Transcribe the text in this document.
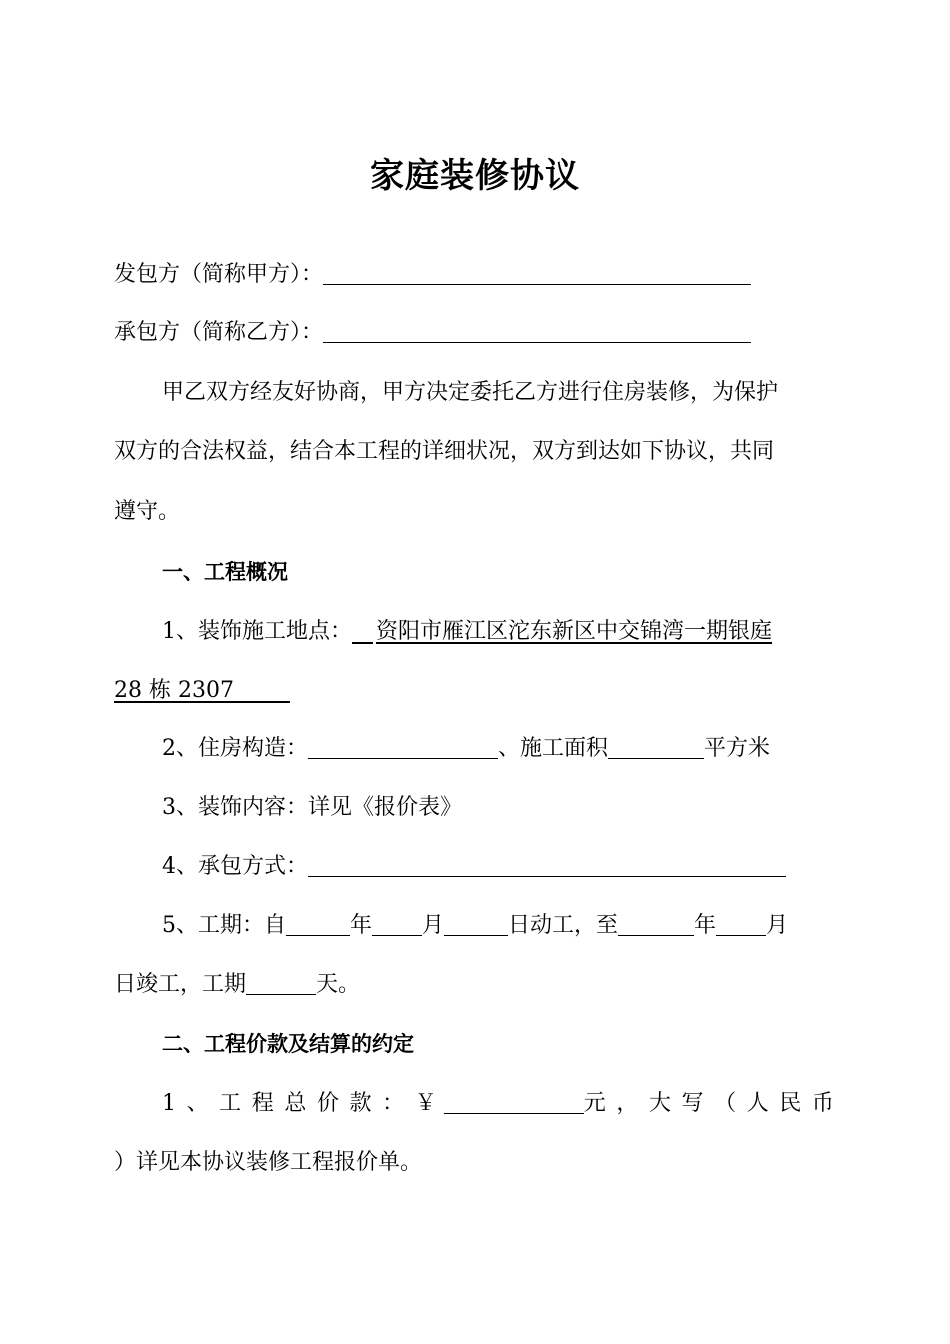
家庭装修协议
发包方（简称甲方）：
承包方（简称乙方）：
甲乙双方经友好协商，甲方决定委托乙方进行住房装修，为保护
双方的合法权益，结合本工程的详细状况，双方到达如下协议，共同
遵守。
一、工程概况
1、装饰施工地点： 资阳市雁江区沱东新区中交锦湾一期银庭
28 栋 2307
2、住房构造：	、施工面积	平方米
3、装饰内容：详见《报价表》
4、承包方式：
5、工期：自	年 月	日动工，至	年 月
日竣工，工期	天。
二、工程价款及结算的约定
1 、 工 程 总 价 款 ： ￥	元 ， 大 写 （ 人 民 币
）详见本协议装修工程报价单。
